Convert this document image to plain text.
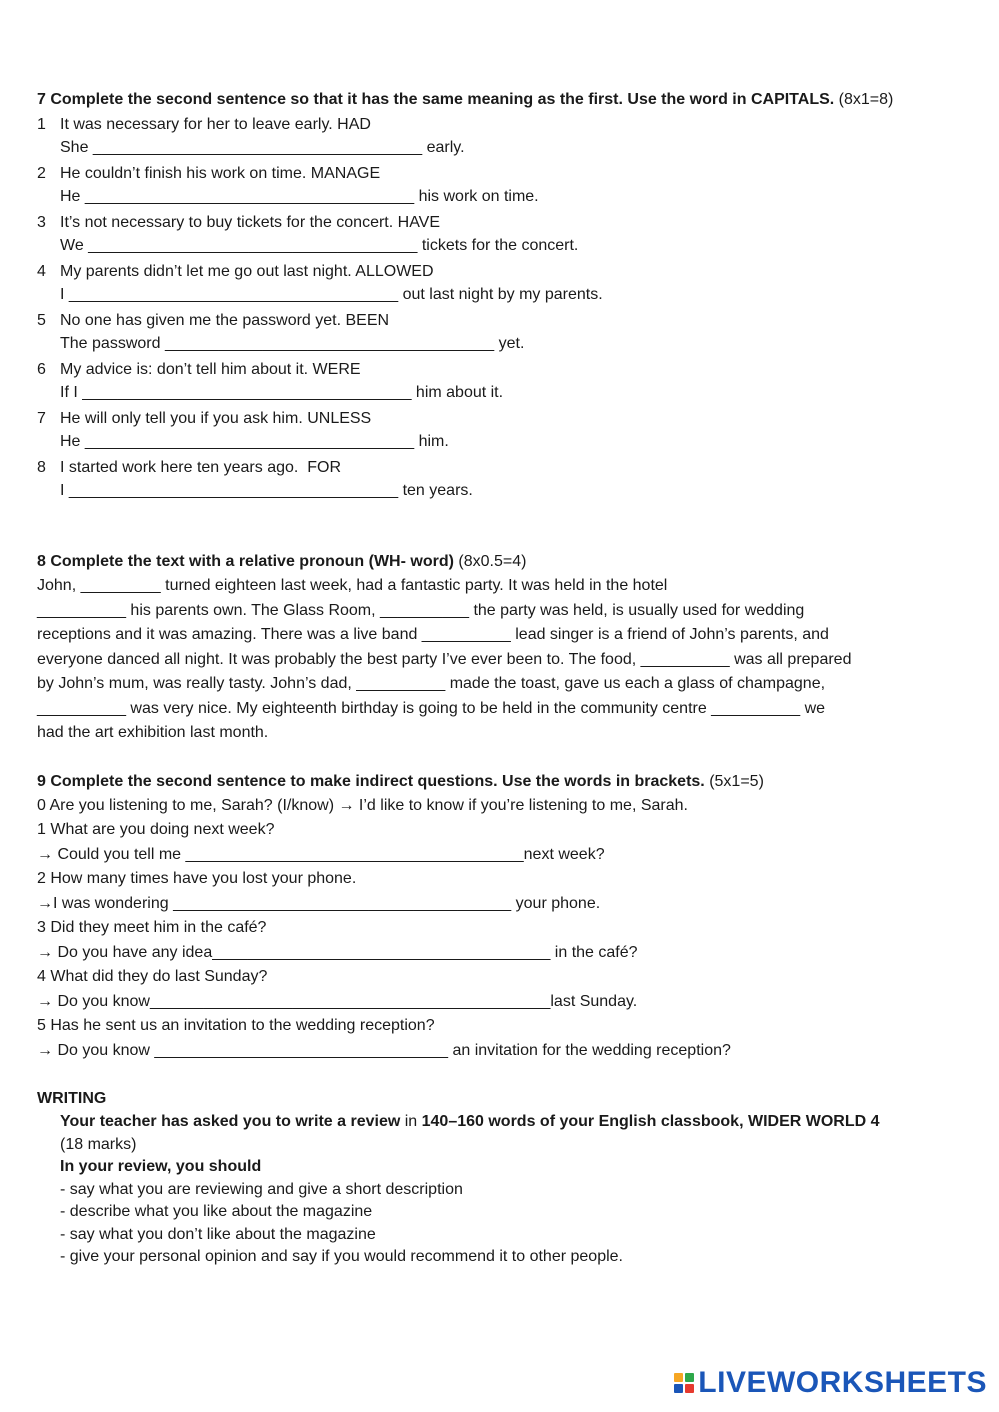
7 Complete the second sentence so that it has the same meaning as the first. Use the word in CAPITALS. (8x1=8)

1 It was necessary for her to leave early. HAD
She _____________________________________ early.
2 He couldn’t finish his work on time. MANAGE
He _____________________________________ his work on time.
3 It’s not necessary to buy tickets for the concert. HAVE
We _____________________________________ tickets for the concert.
4 My parents didn’t let me go out last night. ALLOWED
I _____________________________________ out last night by my parents.
5 No one has given me the password yet. BEEN
The password _____________________________________ yet.
6 My advice is: don’t tell him about it. WERE
If I _____________________________________ him about it.
7 He will only tell you if you ask him. UNLESS
He _____________________________________ him.
8 I started work here ten years ago.  FOR
I _____________________________________ ten years.

8 Complete the text with a relative pronoun (WH- word) (8x0.5=4)

John, _________ turned eighteen last week, had a fantastic party. It was held in the hotel
__________ his parents own. The Glass Room, __________ the party was held, is usually used for wedding
receptions and it was amazing. There was a live band __________ lead singer is a friend of John’s parents, and
everyone danced all night. It was probably the best party I’ve ever been to. The food, __________ was all prepared
by John’s mum, was really tasty. John’s dad, __________ made the toast, gave us each a glass of champagne,
__________ was very nice. My eighteenth birthday is going to be held in the community centre __________ we
had the art exhibition last month.

9 Complete the second sentence to make indirect questions. Use the words in brackets. (5x1=5)

0 Are you listening to me, Sarah? (I/know) → I’d like to know if you’re listening to me, Sarah.
1 What are you doing next week?
→ Could you tell me ______________________________________next week?
2 How many times have you lost your phone.
→I was wondering ______________________________________ your phone.
3 Did they meet him in the café?
→ Do you have any idea______________________________________ in the café?
4 What did they do last Sunday?
→ Do you know_____________________________________________last Sunday.
5 Has he sent us an invitation to the wedding reception?
→ Do you know _________________________________ an invitation for the wedding reception?
WRITING
Your teacher has asked you to write a review in 140–160 words of your English classbook, WIDER WORLD 4
(18 marks)
In your review, you should
- say what you are reviewing and give a short description
- describe what you like about the magazine
- say what you don’t like about the magazine
- give your personal opinion and say if you would recommend it to other people.
LIVEWORKSHEETS
